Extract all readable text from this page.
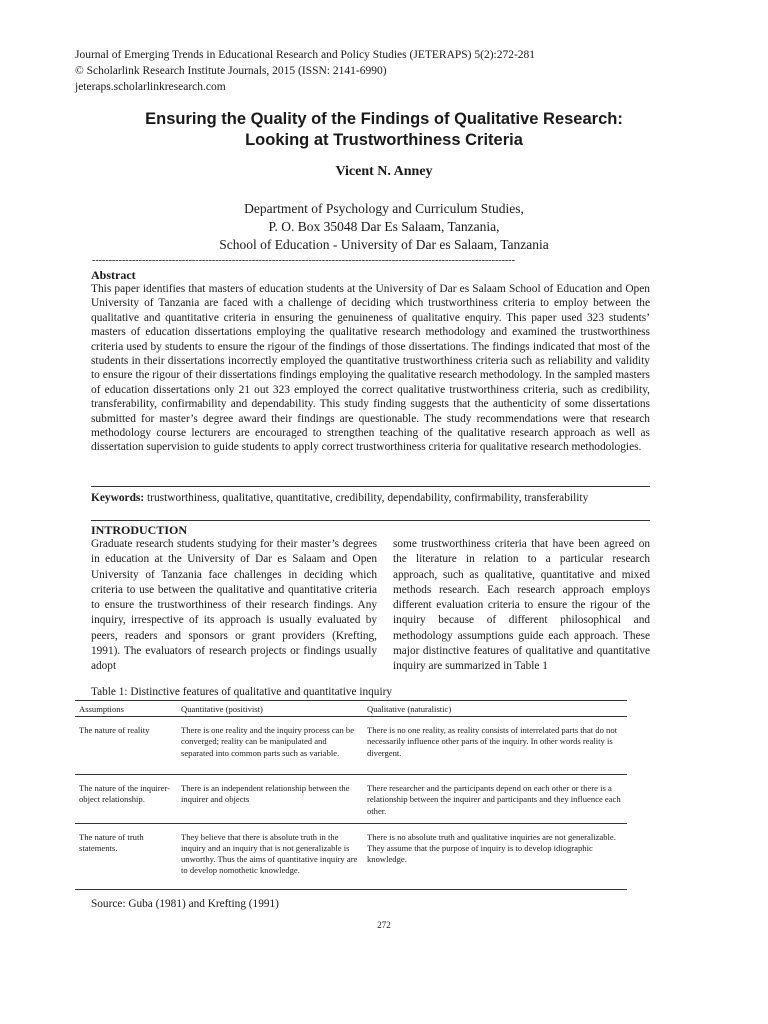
Journal of Emerging Trends in Educational Research and Policy Studies (JETERAPS) 5(2):272-281
© Scholarlink Research Institute Journals, 2015 (ISSN: 2141-6990)
jeteraps.scholarlinkresearch.com
Ensuring the Quality of the Findings of Qualitative Research:
Looking at Trustworthiness Criteria
Vicent N. Anney
Department of Psychology and Curriculum Studies,
P. O. Box 35048 Dar Es Salaam, Tanzania,
School of Education - University of Dar es Salaam, Tanzania
-------------------------------------------------------------------------------------------------------------------------------
Abstract
This paper identifies that masters of education students at the University of Dar es Salaam School of Education and Open University of Tanzania are faced with a challenge of deciding which trustworthiness criteria to employ between the qualitative and quantitative criteria in ensuring the genuineness of qualitative enquiry. This paper used 323 students’ masters of education dissertations employing the qualitative research methodology and examined the trustworthiness criteria used by students to ensure the rigour of the findings of those dissertations. The findings indicated that most of the students in their dissertations incorrectly employed the quantitative trustworthiness criteria such as reliability and validity to ensure the rigour of their dissertations findings employing the qualitative research methodology. In the sampled masters of education dissertations only 21 out 323 employed the correct qualitative trustworthiness criteria, such as credibility, transferability, confirmability and dependability. This study finding suggests that the authenticity of some dissertations submitted for master’s degree award their findings are questionable. The study recommendations were that research methodology course lecturers are encouraged to strengthen teaching of the qualitative research approach as well as dissertation supervision to guide students to apply correct trustworthiness criteria for qualitative research methodologies.
Keywords: trustworthiness, qualitative, quantitative, credibility, dependability, confirmability, transferability
INTRODUCTION
Graduate research students studying for their master’s degrees in education at the University of Dar es Salaam and Open University of Tanzania face challenges in deciding which criteria to use between the qualitative and quantitative criteria to ensure the trustworthiness of their research findings. Any inquiry, irrespective of its approach is usually evaluated by peers, readers and sponsors or grant providers (Krefting, 1991). The evaluators of research projects or findings usually adopt
some trustworthiness criteria that have been agreed on the literature in relation to a particular research approach, such as qualitative, quantitative and mixed methods research. Each research approach employs different evaluation criteria to ensure the rigour of the inquiry because of different philosophical and methodology assumptions guide each approach. These major distinctive features of qualitative and quantitative inquiry are summarized in Table 1
Table 1: Distinctive features of qualitative and quantitative inquiry
Assumptions	Quantitative (positivist)	Qualitative (naturalistic)
The nature of reality	There is one reality and the inquiry process can be converged; reality can be manipulated and separated into common parts such as variable.	There is no one reality, as reality consists of interrelated parts that do not necessarily influence other parts of the inquiry. In other words reality is divergent.
The nature of the inquirer-object relationship.	There is an independent relationship between the inquirer and objects	There researcher and the participants depend on each other or there is a relationship between the inquirer and participants and they influence each other.
The nature of truth statements.	They believe that there is absolute truth in the inquiry and an inquiry that is not generalizable is unworthy. Thus the aims of quantitative inquiry are to develop nomothetic knowledge.	There is no absolute truth and qualitative inquiries are not generalizable.
They assume that the purpose of inquiry is to develop idiographic knowledge.
Source: Guba (1981) and Krefting (1991)
272
